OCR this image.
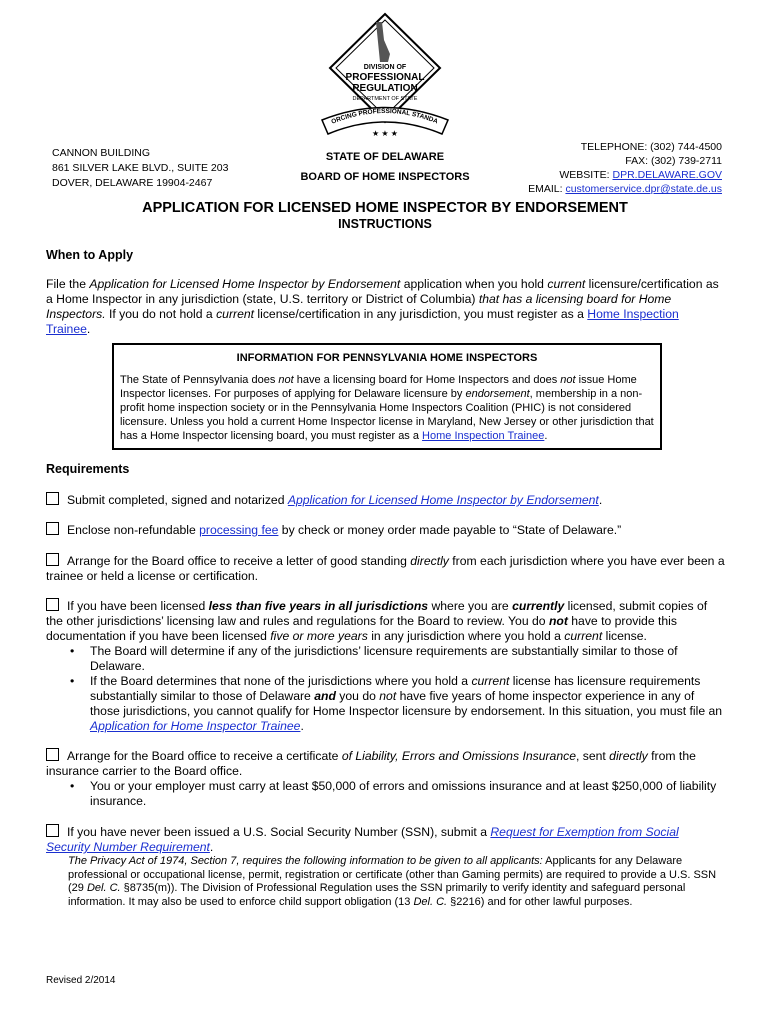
DIVISION OF
PROFESSIONAL
REGULATION
DEPARTMENT OF STATE
ORCING PROFESSIONAL STANDA
★ ★ ★
CANNON BUILDING
861 SILVER LAKE BLVD., SUITE 203
DOVER, DELAWARE 19904-2467
STATE OF DELAWARE
BOARD OF HOME INSPECTORS
TELEPHONE: (302) 744-4500
FAX: (302) 739-2711
WEBSITE: DPR.DELAWARE.GOV
EMAIL: customerservice.dpr@state.de.us
APPLICATION FOR LICENSED HOME INSPECTOR BY ENDORSEMENT
INSTRUCTIONS
When to Apply
File the Application for Licensed Home Inspector by Endorsement application when you hold current licensure/certification as a Home Inspector in any jurisdiction (state, U.S. territory or District of Columbia) that has a licensing board for Home Inspectors. If you do not hold a current license/certification in any jurisdiction, you must register as a Home Inspection Trainee.
INFORMATION FOR PENNSYLVANIA HOME INSPECTORS
The State of Pennsylvania does not have a licensing board for Home Inspectors and does not issue Home Inspector licenses. For purposes of applying for Delaware licensure by endorsement, membership in a non-profit home inspection society or in the Pennsylvania Home Inspectors Coalition (PHIC) is not considered licensure. Unless you hold a current Home Inspector license in Maryland, New Jersey or other jurisdiction that has a Home Inspector licensing board, you must register as a Home Inspection Trainee.
Requirements
Submit completed, signed and notarized Application for Licensed Home Inspector by Endorsement.
Enclose non-refundable processing fee by check or money order made payable to “State of Delaware.”
Arrange for the Board office to receive a letter of good standing directly from each jurisdiction where you have ever been a trainee or held a license or certification.
If you have been licensed less than five years in all jurisdictions where you are currently licensed, submit copies of the other jurisdictions’ licensing law and rules and regulations for the Board to review. You do not have to provide this documentation if you have been licensed five or more years in any jurisdiction where you hold a current license.
• The Board will determine if any of the jurisdictions’ licensure requirements are substantially similar to those of Delaware.
• If the Board determines that none of the jurisdictions where you hold a current license has licensure requirements substantially similar to those of Delaware and you do not have five years of home inspector experience in any of those jurisdictions, you cannot qualify for Home Inspector licensure by endorsement. In this situation, you must file an Application for Home Inspector Trainee.
Arrange for the Board office to receive a certificate of Liability, Errors and Omissions Insurance, sent directly from the insurance carrier to the Board office.
• You or your employer must carry at least $50,000 of errors and omissions insurance and at least $250,000 of liability insurance.
If you have never been issued a U.S. Social Security Number (SSN), submit a Request for Exemption from Social Security Number Requirement.
The Privacy Act of 1974, Section 7, requires the following information to be given to all applicants: Applicants for any Delaware professional or occupational license, permit, registration or certificate (other than Gaming permits) are required to provide a U.S. SSN (29 Del. C. §8735(m)). The Division of Professional Regulation uses the SSN primarily to verify identity and safeguard personal information. It may also be used to enforce child support obligation (13 Del. C. §2216) and for other lawful purposes.
Revised 2/2014
